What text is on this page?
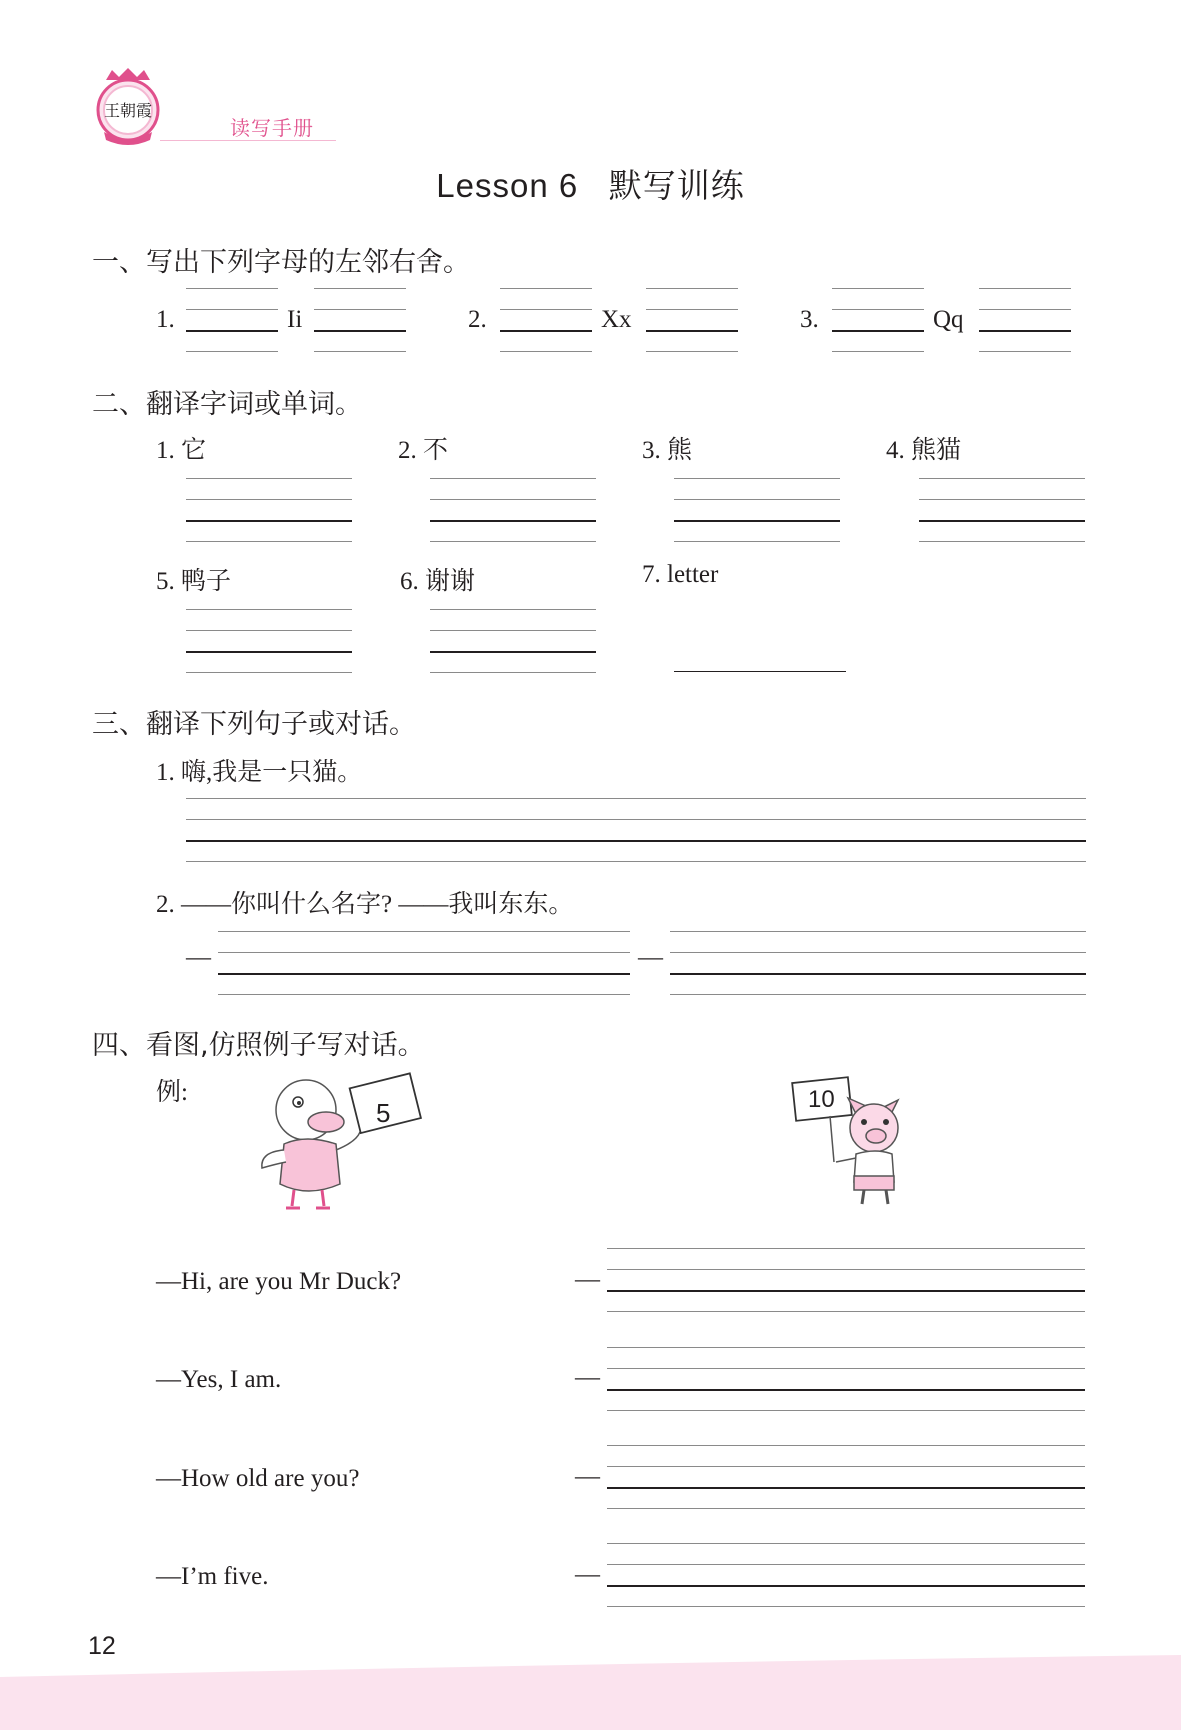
王朝霞
读写手册
Lesson 6   默写训练
一、写出下列字母的左邻右舍。
1.	Ii	2.	Xx	3.	Qq
二、翻译字词或单词。
1. 它	2. 不	3. 熊	4. 熊猫
5. 鸭子	6. 谢谢	7. letter
三、翻译下列句子或对话。
1. 嗨,我是一只猫。
2. ——你叫什么名字? ——我叫东东。
—	—
四、看图,仿照例子写对话。
例:
5	10
—Hi, are you Mr Duck?	—
—Yes, I am.	—
—How old are you?	—
—I’m five.	—
12
